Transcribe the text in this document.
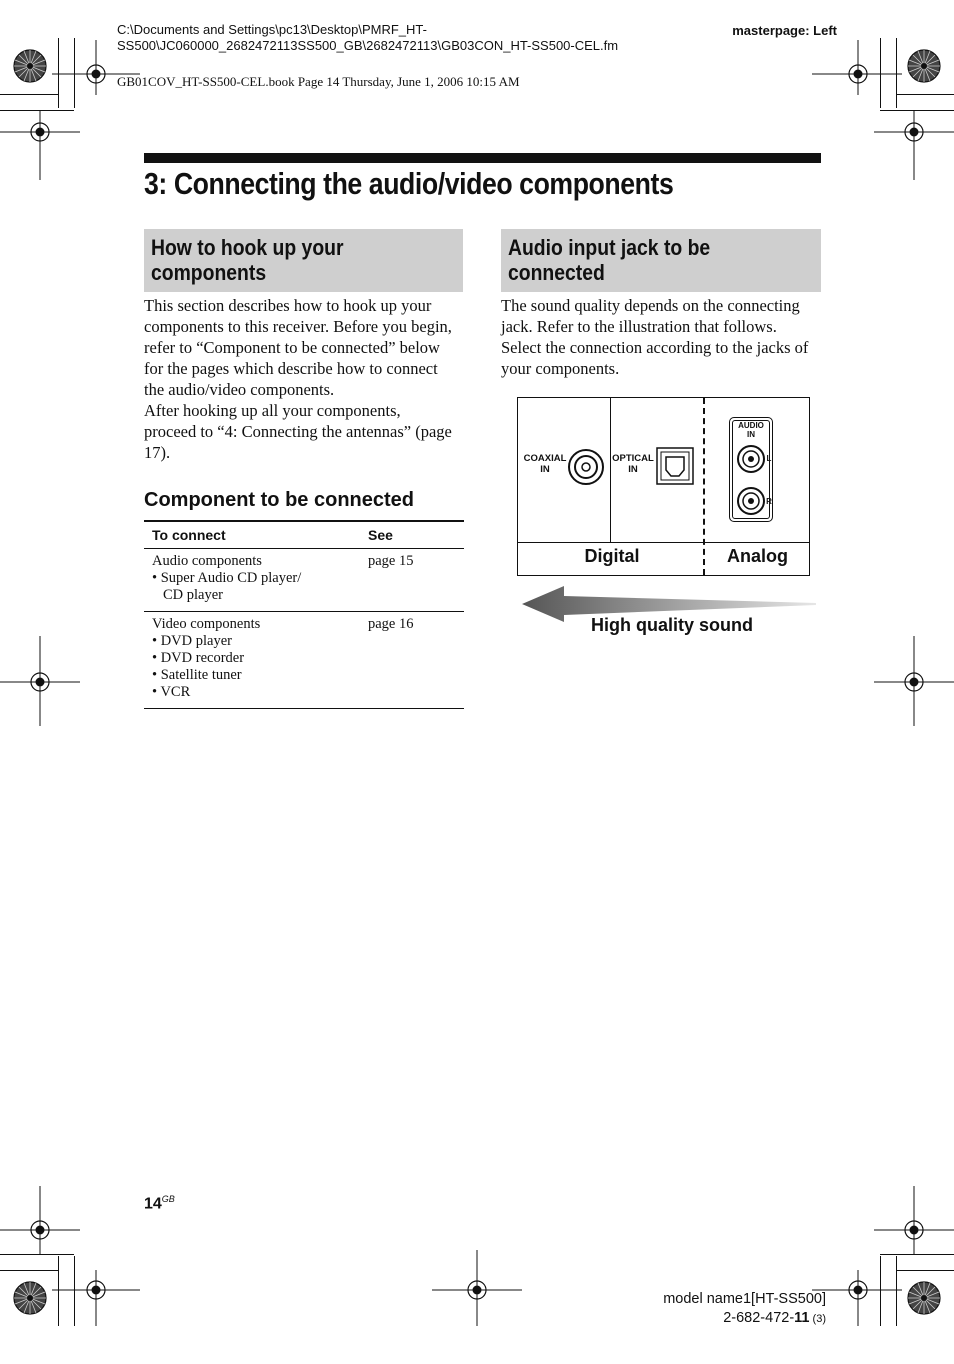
C:\Documents and Settings\pc13\Desktop\PMRF_HT-
SS500\JC060000_2682472113SS500_GB\2682472113\GB03CON_HT-SS500-CEL.fm
masterpage: Left
GB01COV_HT-SS500-CEL.book Page 14 Thursday, June 1, 2006 10:15 AM
3: Connecting the audio/video components
How to hook up your
components
This section describes how to hook up your
components to this receiver. Before you begin,
refer to “Component to be connected” below
for the pages which describe how to connect
the audio/video components.
After hooking up all your components,
proceed to “4: Connecting the antennas” (page
17).
Component to be connected
To connect	See

Audio components
• Super Audio CD player/
CD player	page 15

Video components
• DVD player
• DVD recorder
• Satellite tuner
• VCR	page 16
Audio input jack to be
connected
The sound quality depends on the connecting
jack. Refer to the illustration that follows.
Select the connection according to the jacks of
your components.
COAXIAL
IN
OPTICAL
IN
AUDIO
IN
L
R
Digital	Analog
High quality sound
$14^{GB}$
model name1[HT-SS500]
2-682-472-11 (3)
